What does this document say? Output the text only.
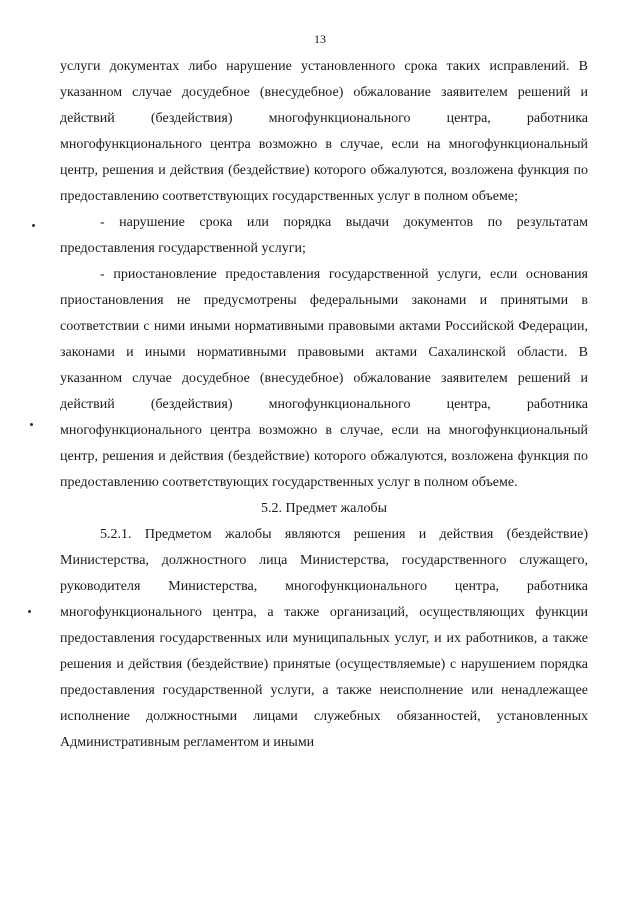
13

услуги документах либо нарушение установленного срока таких исправлений. В указанном случае досудебное (внесудебное) обжалование заявителем решений и действий (бездействия) многофункционального центра, работника многофункционального центра возможно в случае, если на многофункциональный центр, решения и действия (бездействие) которого обжалуются, возложена функция по предоставлению соответствующих государственных услуг в полном объеме;

- нарушение срока или порядка выдачи документов по результатам предоставления государственной услуги;

- приостановление предоставления государственной услуги, если основания приостановления не предусмотрены федеральными законами и принятыми в соответствии с ними иными нормативными правовыми актами Российской Федерации, законами и иными нормативными правовыми актами Сахалинской области. В указанном случае досудебное (внесудебное) обжалование заявителем решений и действий (бездействия) многофункционального центра, работника многофункционального центра возможно в случае, если на многофункциональный центр, решения и действия (бездействие) которого обжалуются, возложена функция по предоставлению соответствующих государственных услуг в полном объеме.

5.2. Предмет жалобы

5.2.1. Предметом жалобы являются решения и действия (бездействие) Министерства, должностного лица Министерства, государственного служащего, руководителя Министерства, многофункционального центра, работника многофункционального центра, а также организаций, осуществляющих функции предоставления государственных или муниципальных услуг, и их работников, а также решения и действия (бездействие) принятые (осуществляемые) с нарушением порядка предоставления государственной услуги, а также неисполнение или ненадлежащее исполнение должностными лицами служебных обязанностей, установленных Административным регламентом и иными
